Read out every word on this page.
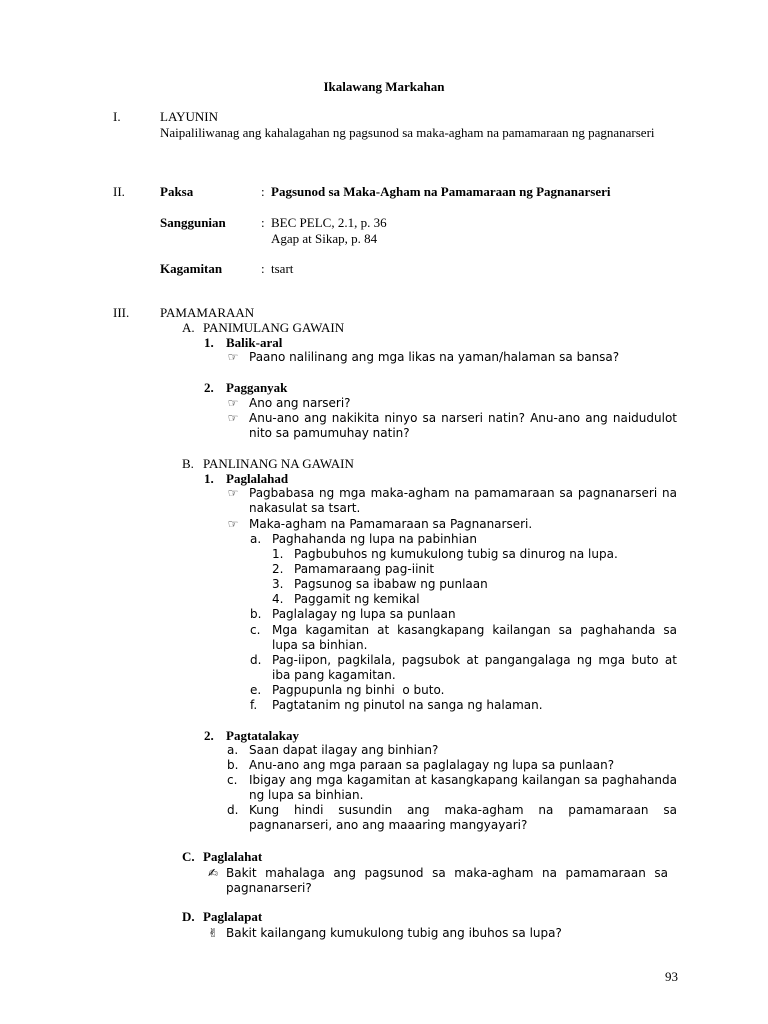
Ikalawang Markahan
I.	LAYUNIN
Naipaliliwanag ang kahalagahan ng pagsunod sa maka-agham na pamamaraan ng pagnanarseri
II.	Paksa	: Pagsunod sa Maka-Agham na Pamamaraan ng Pagnanarseri
Sanggunian	: BEC PELC, 2.1, p. 36
Agap at Sikap, p. 84
Kagamitan	: tsart
III. PAMAMARAAN
A. PANIMULANG GAWAIN
1. Balik-aral
☞ Paano nalilinang ang mga likas na yaman/halaman sa bansa?
2. Pagganyak
☞ Ano ang narseri?
☞ Anu-ano ang nakikita ninyo sa narseri natin? Anu-ano ang naidudulot nito sa pamumuhay natin?
B. PANLINANG NA GAWAIN
1. Paglalahad
☞ Pagbabasa ng mga maka-agham na pamamaraan sa pagnanarseri na nakasulat sa tsart.
☞ Maka-agham na Pamamaraan sa Pagnanarseri.
a. Paghahanda ng lupa na pabinhian
1. Pagbubuhos ng kumukulong tubig sa dinurog na lupa.
2. Pamamaraang pag-iinit
3. Pagsunog sa ibabaw ng punlaan
4. Paggamit ng kemikal
b. Paglalagay ng lupa sa punlaan
c. Mga kagamitan at kasangkapang kailangan sa paghahanda sa lupa sa binhian.
d. Pag-iipon, pagkilala, pagsubok at pangangalaga ng mga buto at iba pang kagamitan.
e. Pagpupunla ng binhi  o buto.
f. Pagtatanim ng pinutol na sanga ng halaman.
2. Pagtatalakay
a. Saan dapat ilagay ang binhian?
b. Anu-ano ang mga paraan sa paglalagay ng lupa sa punlaan?
c. Ibigay ang mga kagamitan at kasangkapang kailangan sa paghahanda ng lupa sa binhian.
d. Kung hindi susundin ang maka-agham na pamamaraan sa pagnanarseri, ano ang maaaring mangyayari?
C. Paglalahat
✍ Bakit mahalaga ang pagsunod sa maka-agham na pamamaraan sa pagnanarseri?
D. Paglalapat
✌ Bakit kailangang kumukulong tubig ang ibuhos sa lupa?
93
